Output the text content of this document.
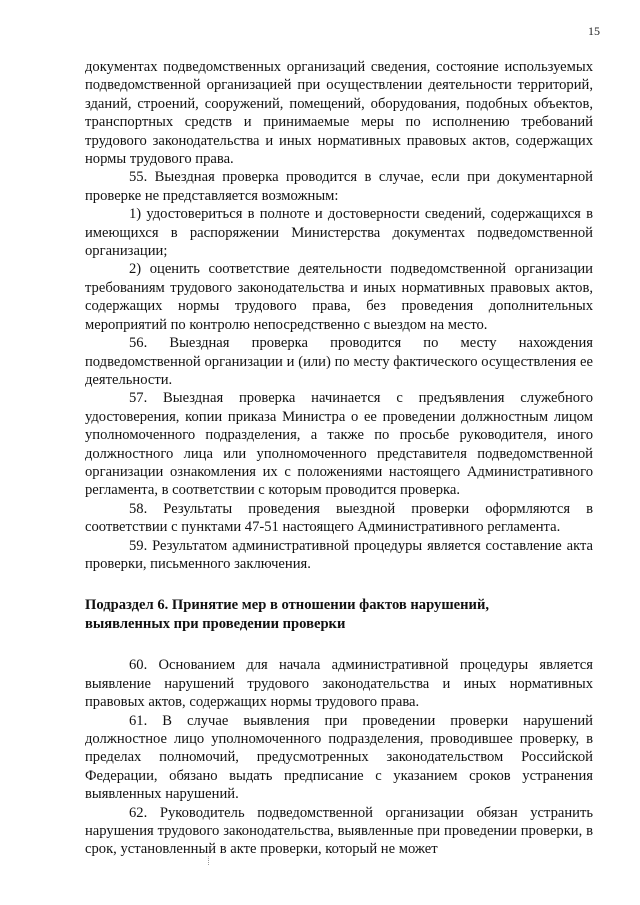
15

документах подведомственных организаций сведения, состояние используемых подведомственной организацией при осуществлении деятельности территорий, зданий, строений, сооружений, помещений, оборудования, подобных объектов, транспортных средств и принимаемые меры по исполнению требований трудового законодательства и иных нормативных правовых актов, содержащих нормы трудового права.

55. Выездная проверка проводится в случае, если при документарной проверке не представляется возможным:

1) удостовериться в полноте и достоверности сведений, содержащихся в имеющихся в распоряжении Министерства документах подведомственной организации;

2) оценить соответствие деятельности подведомственной организации требованиям трудового законодательства и иных нормативных правовых актов, содержащих нормы трудового права, без проведения дополнительных мероприятий по контролю непосредственно с выездом на место.

56. Выездная проверка проводится по месту нахождения подведомственной организации и (или) по месту фактического осуществления ее деятельности.

57. Выездная проверка начинается с предъявления служебного удостоверения, копии приказа Министра о ее проведении должностным лицом уполномоченного подразделения, а также по просьбе руководителя, иного должностного лица или уполномоченного представителя подведомственной организации ознакомления их с положениями настоящего Административного регламента, в соответствии с которым проводится проверка.

58. Результаты проведения выездной проверки оформляются в соответствии с пунктами 47-51 настоящего Административного регламента.

59. Результатом административной процедуры является составление акта проверки, письменного заключения.

Подраздел 6. Принятие мер в отношении фактов нарушений,
выявленных при проведении проверки

60. Основанием для начала административной процедуры является выявление нарушений трудового законодательства и иных нормативных правовых актов, содержащих нормы трудового права.

61. В случае выявления при проведении проверки нарушений должностное лицо уполномоченного подразделения, проводившее проверку, в пределах полномочий, предусмотренных законодательством Российской Федерации, обязано выдать предписание с указанием сроков устранения выявленных нарушений.

62. Руководитель подведомственной организации обязан устранить нарушения трудового законодательства, выявленные при проведении проверки, в срок, установленный в акте проверки, который не может
